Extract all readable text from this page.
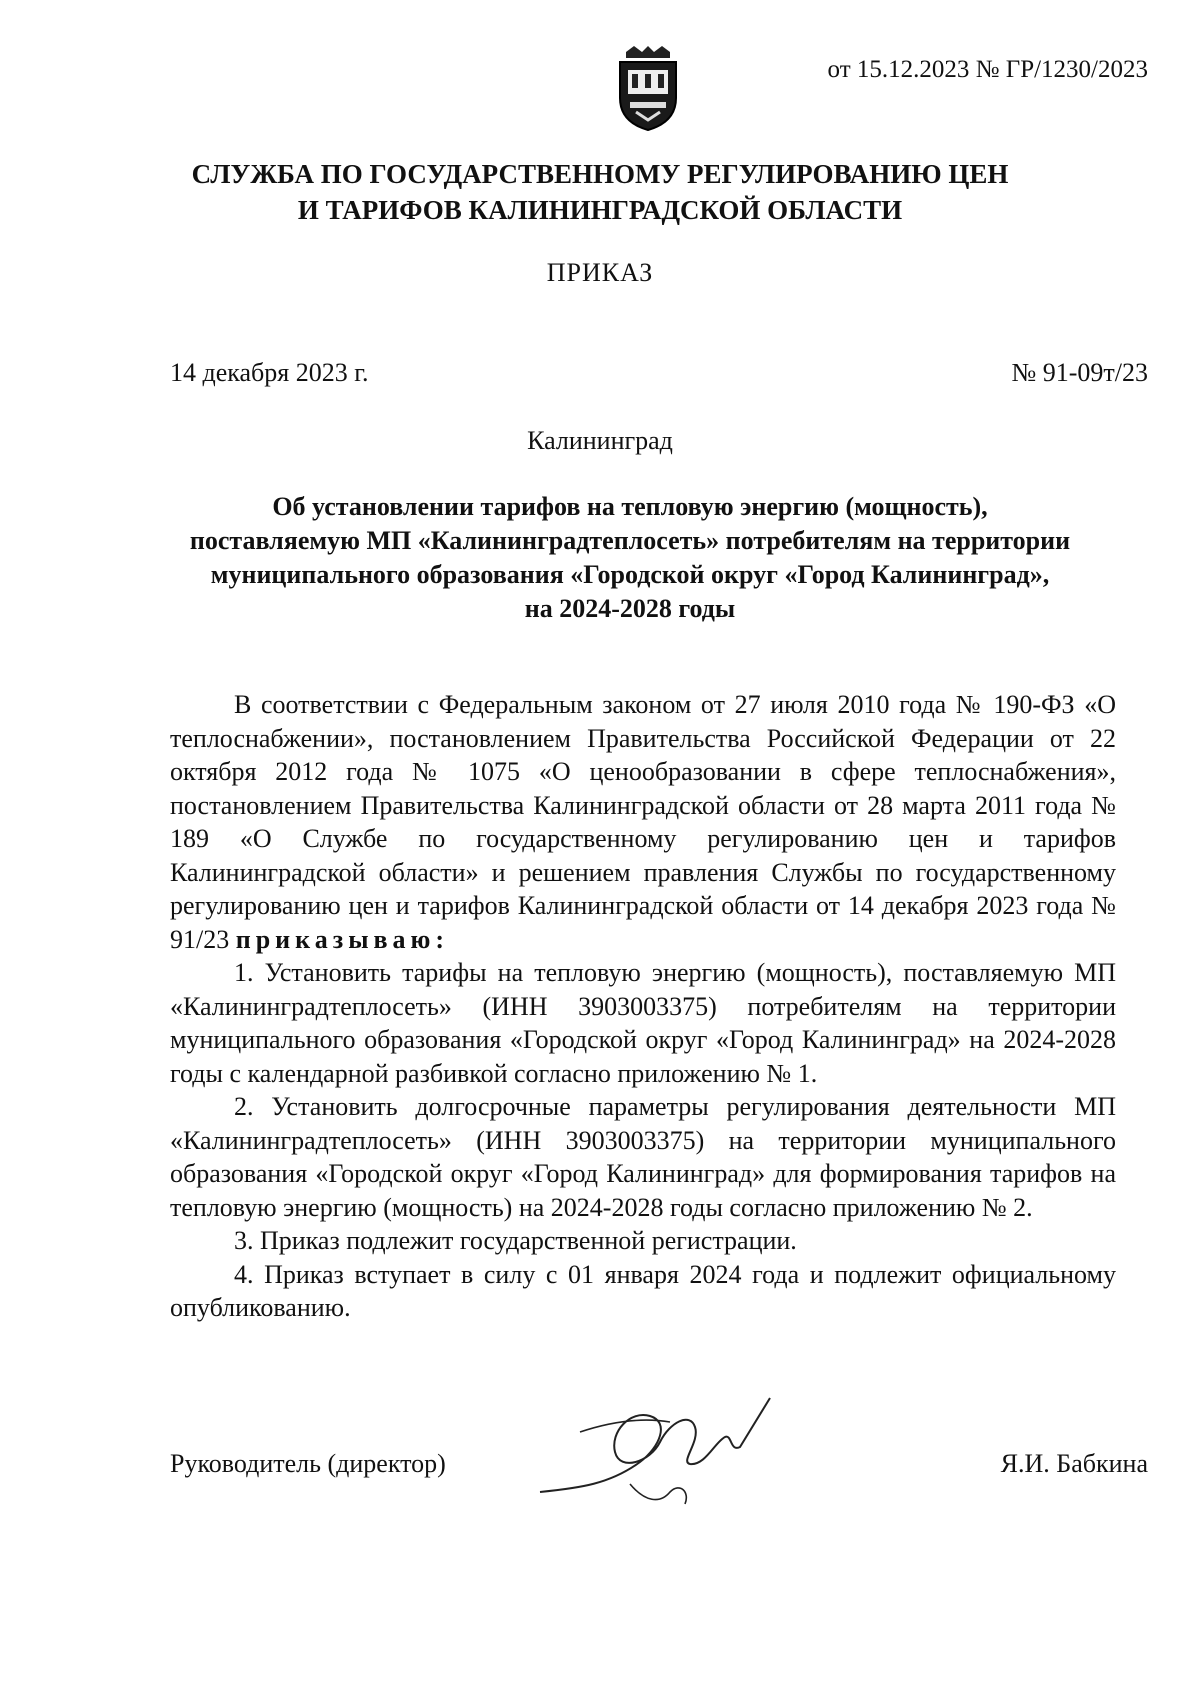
от 15.12.2023 № ГР/1230/2023
СЛУЖБА ПО ГОСУДАРСТВЕННОМУ РЕГУЛИРОВАНИЮ ЦЕН
И ТАРИФОВ КАЛИНИНГРАДСКОЙ ОБЛАСТИ
ПРИКАЗ
14 декабря 2023 г.	№ 91-09т/23
Калининград
Об установлении тарифов на тепловую энергию (мощность),
поставляемую МП «Калининградтеплосеть» потребителям на территории
муниципального образования «Городской округ «Город Калининград»,
на 2024-2028 годы

В соответствии с Федеральным законом от 27 июля 2010 года № 190-ФЗ «О теплоснабжении», постановлением Правительства Российской Федерации от 22 октября 2012 года № 1075 «О ценообразовании в сфере теплоснабжения», постановлением Правительства Калининградской области от 28 марта 2011 года № 189 «О Службе по государственному регулированию цен и тарифов Калининградской области» и решением правления Службы по государственному регулированию цен и тарифов Калининградской области от 14 декабря 2023 года № 91/23 приказываю:

1. Установить тарифы на тепловую энергию (мощность), поставляемую МП «Калининградтеплосеть» (ИНН 3903003375) потребителям на территории муниципального образования «Городской округ «Город Калининград» на 2024-2028 годы с календарной разбивкой согласно приложению № 1.

2. Установить долгосрочные параметры регулирования деятельности МП «Калининградтеплосеть» (ИНН 3903003375) на территории муниципального образования «Городской округ «Город Калининград» для формирования тарифов на тепловую энергию (мощность) на 2024-2028 годы согласно приложению № 2.

3. Приказ подлежит государственной регистрации.

4. Приказ вступает в силу с 01 января 2024 года и подлежит официальному опубликованию.

Руководитель (директор)	Я.И. Бабкина
